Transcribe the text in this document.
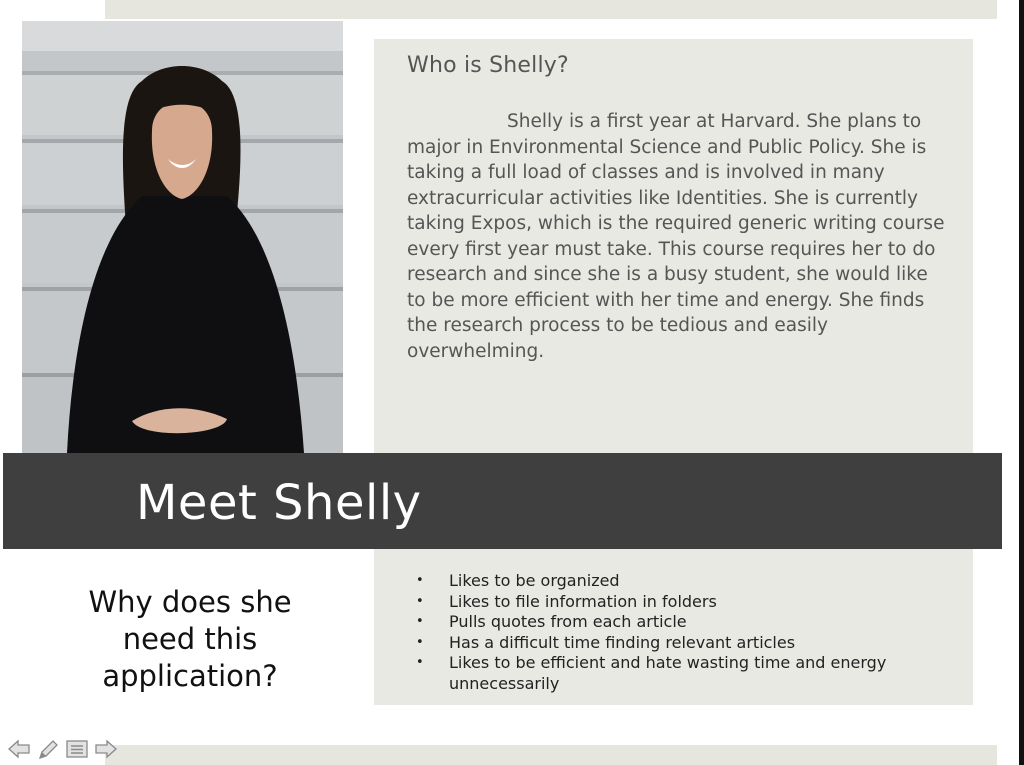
Who is Shelly?
Shelly is a first year at Harvard. She plans to major in Environmental Science and Public Policy. She is taking a full load of classes and is involved in many extracurricular activities like Identities. She is currently taking Expos, which is the required generic writing course every first year must take. This course requires her to do research and since she is a busy student, she would like to be more efficient with her time and energy. She finds the research process to be tedious and easily overwhelming.
Meet Shelly
Why does she need this application?
• Likes to be organized
• Likes to file information in folders
• Pulls quotes from each article
• Has a difficult time finding relevant articles
• Likes to be efficient and hate wasting time and energy unnecessarily
